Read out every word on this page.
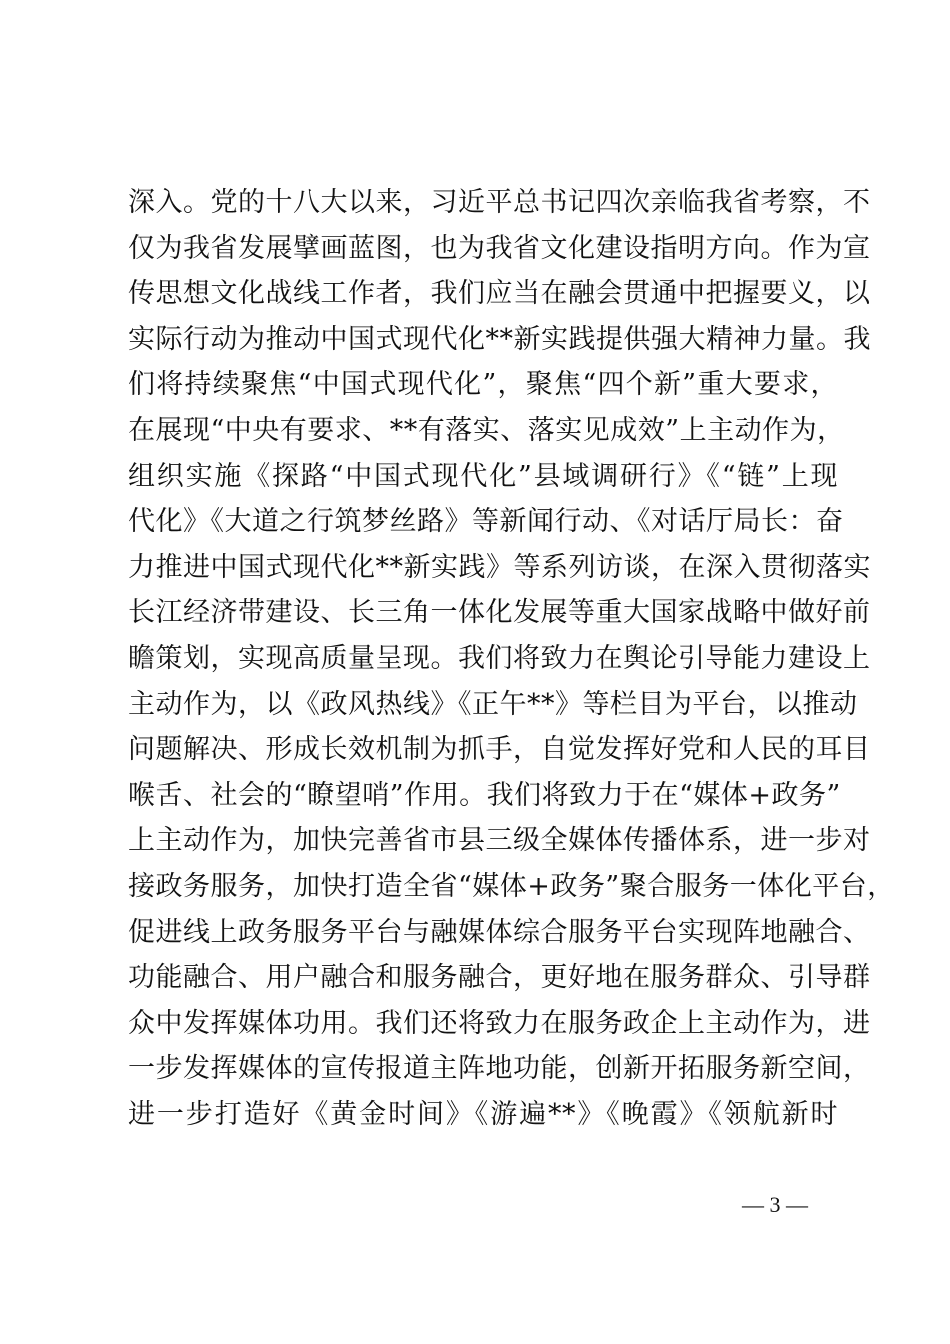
深入。党的十八大以来，习近平总书记四次亲临我省考察，不
仅为我省发展擘画蓝图，也为我省文化建设指明方向。作为宣
传思想文化战线工作者，我们应当在融会贯通中把握要义，以
实际行动为推动中国式现代化**新实践提供强大精神力量。我
们将持续聚焦“中国式现代化”，聚焦“四个新”重大要求，
在展现“中央有要求、**有落实、落实见成效”上主动作为，
组织实施《探路“中国式现代化”县域调研行》《“链”上现
代化》《大道之行筑梦丝路》等新闻行动、《对话厅局长：奋
力推进中国式现代化**新实践》等系列访谈，在深入贯彻落实
长江经济带建设、长三角一体化发展等重大国家战略中做好前
瞻策划，实现高质量呈现。我们将致力在舆论引导能力建设上
主动作为，以《政风热线》《正午**》等栏目为平台，以推动
问题解决、形成长效机制为抓手，自觉发挥好党和人民的耳目
喉舌、社会的“瞭望哨”作用。我们将致力于在“媒体+政务”
上主动作为，加快完善省市县三级全媒体传播体系，进一步对
接政务服务，加快打造全省“媒体+政务”聚合服务一体化平台，
促进线上政务服务平台与融媒体综合服务平台实现阵地融合、
功能融合、用户融合和服务融合，更好地在服务群众、引导群
众中发挥媒体功用。我们还将致力在服务政企上主动作为，进
一步发挥媒体的宣传报道主阵地功能，创新开拓服务新空间，
进一步打造好《黄金时间》《游遍**》《晚霞》《领航新时
— 3 —
